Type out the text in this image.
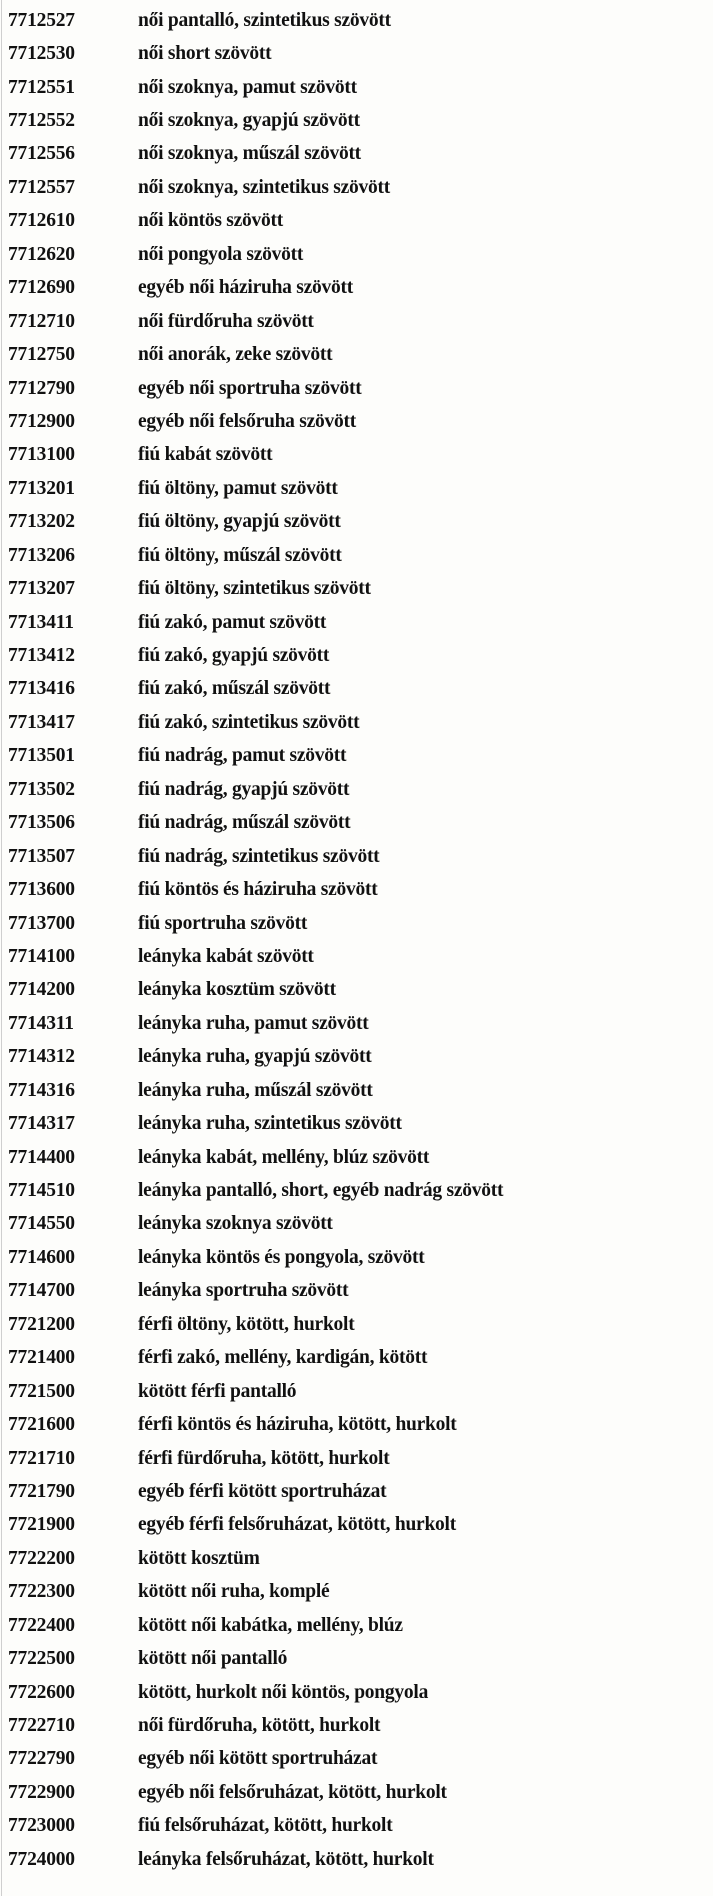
7712527	női pantalló, szintetikus szövött
7712530	női short szövött
7712551	női szoknya, pamut szövött
7712552	női szoknya, gyapjú szövött
7712556	női szoknya, műszál szövött
7712557	női szoknya, szintetikus szövött
7712610	női köntös szövött
7712620	női pongyola szövött
7712690	egyéb női háziruha szövött
7712710	női fürdőruha szövött
7712750	női anorák, zeke szövött
7712790	egyéb női sportruha szövött
7712900	egyéb női felsőruha szövött
7713100	fiú kabát szövött
7713201	fiú öltöny, pamut szövött
7713202	fiú öltöny, gyapjú szövött
7713206	fiú öltöny, műszál szövött
7713207	fiú öltöny, szintetikus szövött
7713411	fiú zakó, pamut szövött
7713412	fiú zakó, gyapjú szövött
7713416	fiú zakó, műszál szövött
7713417	fiú zakó, szintetikus szövött
7713501	fiú nadrág, pamut szövött
7713502	fiú nadrág, gyapjú szövött
7713506	fiú nadrág, műszál szövött
7713507	fiú nadrág, szintetikus szövött
7713600	fiú köntös és háziruha szövött
7713700	fiú sportruha szövött
7714100	leányka kabát szövött
7714200	leányka kosztüm szövött
7714311	leányka ruha, pamut szövött
7714312	leányka ruha, gyapjú szövött
7714316	leányka ruha, műszál szövött
7714317	leányka ruha, szintetikus szövött
7714400	leányka kabát, mellény, blúz szövött
7714510	leányka pantalló, short, egyéb nadrág szövött
7714550	leányka szoknya szövött
7714600	leányka köntös és pongyola, szövött
7714700	leányka sportruha szövött
7721200	férfi öltöny, kötött, hurkolt
7721400	férfi zakó, mellény, kardigán, kötött
7721500	kötött férfi pantalló
7721600	férfi köntös és háziruha, kötött, hurkolt
7721710	férfi fürdőruha, kötött, hurkolt
7721790	egyéb férfi kötött sportruházat
7721900	egyéb férfi felsőruházat, kötött, hurkolt
7722200	kötött kosztüm
7722300	kötött női ruha, komplé
7722400	kötött női kabátka, mellény, blúz
7722500	kötött női pantalló
7722600	kötött, hurkolt női köntös, pongyola
7722710	női fürdőruha, kötött, hurkolt
7722790	egyéb női kötött sportruházat
7722900	egyéb női felsőruházat, kötött, hurkolt
7723000	fiú felsőruházat, kötött, hurkolt
7724000	leányka felsőruházat, kötött, hurkolt
